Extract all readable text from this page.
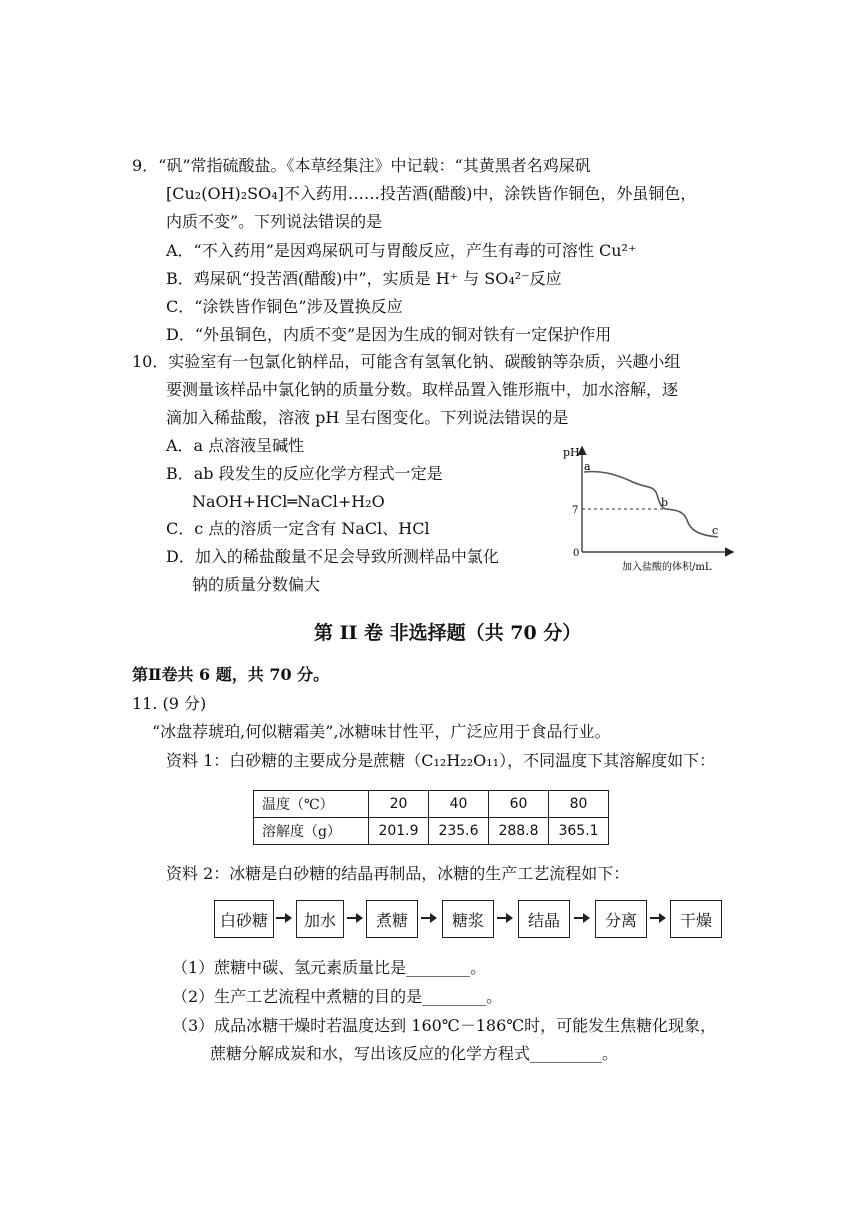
9．“矾”常指硫酸盐。《本草经集注》中记载：“其黄黑者名鸡屎矾
[Cu₂(OH)₂SO₄]不入药用……投苦酒(醋酸)中，涂铁皆作铜色，外虽铜色，
内质不变”。下列说法错误的是
A．“不入药用”是因鸡屎矾可与胃酸反应，产生有毒的可溶性 Cu²⁺
B．鸡屎矾“投苦酒(醋酸)中”，实质是 H⁺ 与 SO₄²⁻反应
C．“涂铁皆作铜色”涉及置换反应
D．“外虽铜色，内质不变”是因为生成的铜对铁有一定保护作用
10．实验室有一包氯化钠样品，可能含有氢氧化钠、碳酸钠等杂质，兴趣小组
要测量该样品中氯化钠的质量分数。取样品置入锥形瓶中，加水溶解，逐
滴加入稀盐酸，溶液 pH 呈右图变化。下列说法错误的是
A．a 点溶液呈碱性
B．ab 段发生的反应化学方程式一定是
NaOH+HCl═NaCl+H₂O
C．c 点的溶质一定含有 NaCl、HCl
D．加入的稀盐酸量不足会导致所测样品中氯化
钠的质量分数偏大
pH
7
0
a
b
c
加入盐酸的体积/mL
第 II 卷 非选择题（共 70 分）
第Ⅱ卷共 6 题，共 70 分。
11. (9 分)
“冰盘荐琥珀,何似糖霜美”,冰糖味甘性平，广泛应用于食品行业。
资料 1：白砂糖的主要成分是蔗糖（C₁₂H₂₂O₁₁），不同温度下其溶解度如下：
温度（℃）	20	40	60	80
溶解度（g）	201.9	235.6	288.8	365.1
资料 2：冰糖是白砂糖的结晶再制品，冰糖的生产工艺流程如下：
白砂糖	加水	煮糖	糖浆	结晶	分离	干燥
（1）蔗糖中碳、氢元素质量比是________。
（2）生产工艺流程中煮糖的目的是________。
（3）成品冰糖干燥时若温度达到 160℃－186℃时，可能发生焦糖化现象，
蔗糖分解成炭和水，写出该反应的化学方程式_________。
